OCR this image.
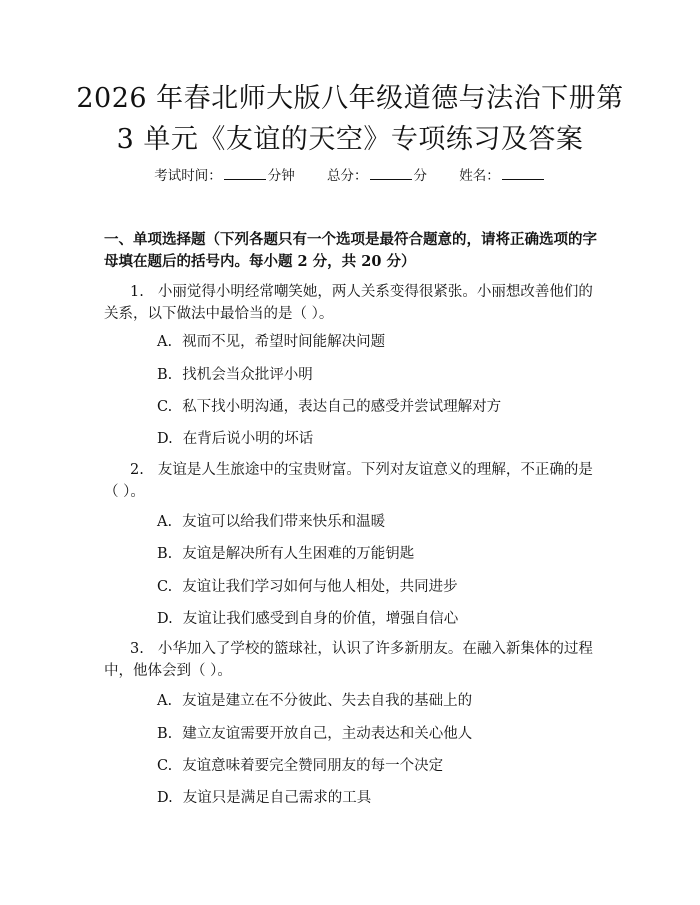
2026 年春北师大版八年级道德与法治下册第
3 单元《友谊的天空》专项练习及答案
考试时间：	分钟 总分：	分 姓名：
一、单项选择题（下列各题只有一个选项是最符合题意的，请将正确选项的字母填在题后的括号内。每小题 2 分，共 20 分）
1. 小丽觉得小明经常嘲笑她，两人关系变得很紧张。小丽想改善他们的关系，以下做法中最恰当的是（ ）。
A. 视而不见，希望时间能解决问题
B. 找机会当众批评小明
C. 私下找小明沟通，表达自己的感受并尝试理解对方
D. 在背后说小明的坏话
2. 友谊是人生旅途中的宝贵财富。下列对友谊意义的理解，不正确的是（ ）。
A. 友谊可以给我们带来快乐和温暖
B. 友谊是解决所有人生困难的万能钥匙
C. 友谊让我们学习如何与他人相处，共同进步
D. 友谊让我们感受到自身的价值，增强自信心
3. 小华加入了学校的篮球社，认识了许多新朋友。在融入新集体的过程中，他体会到（ ）。
A. 友谊是建立在不分彼此、失去自我的基础上的
B. 建立友谊需要开放自己，主动表达和关心他人
C. 友谊意味着要完全赞同朋友的每一个决定
D. 友谊只是满足自己需求的工具
